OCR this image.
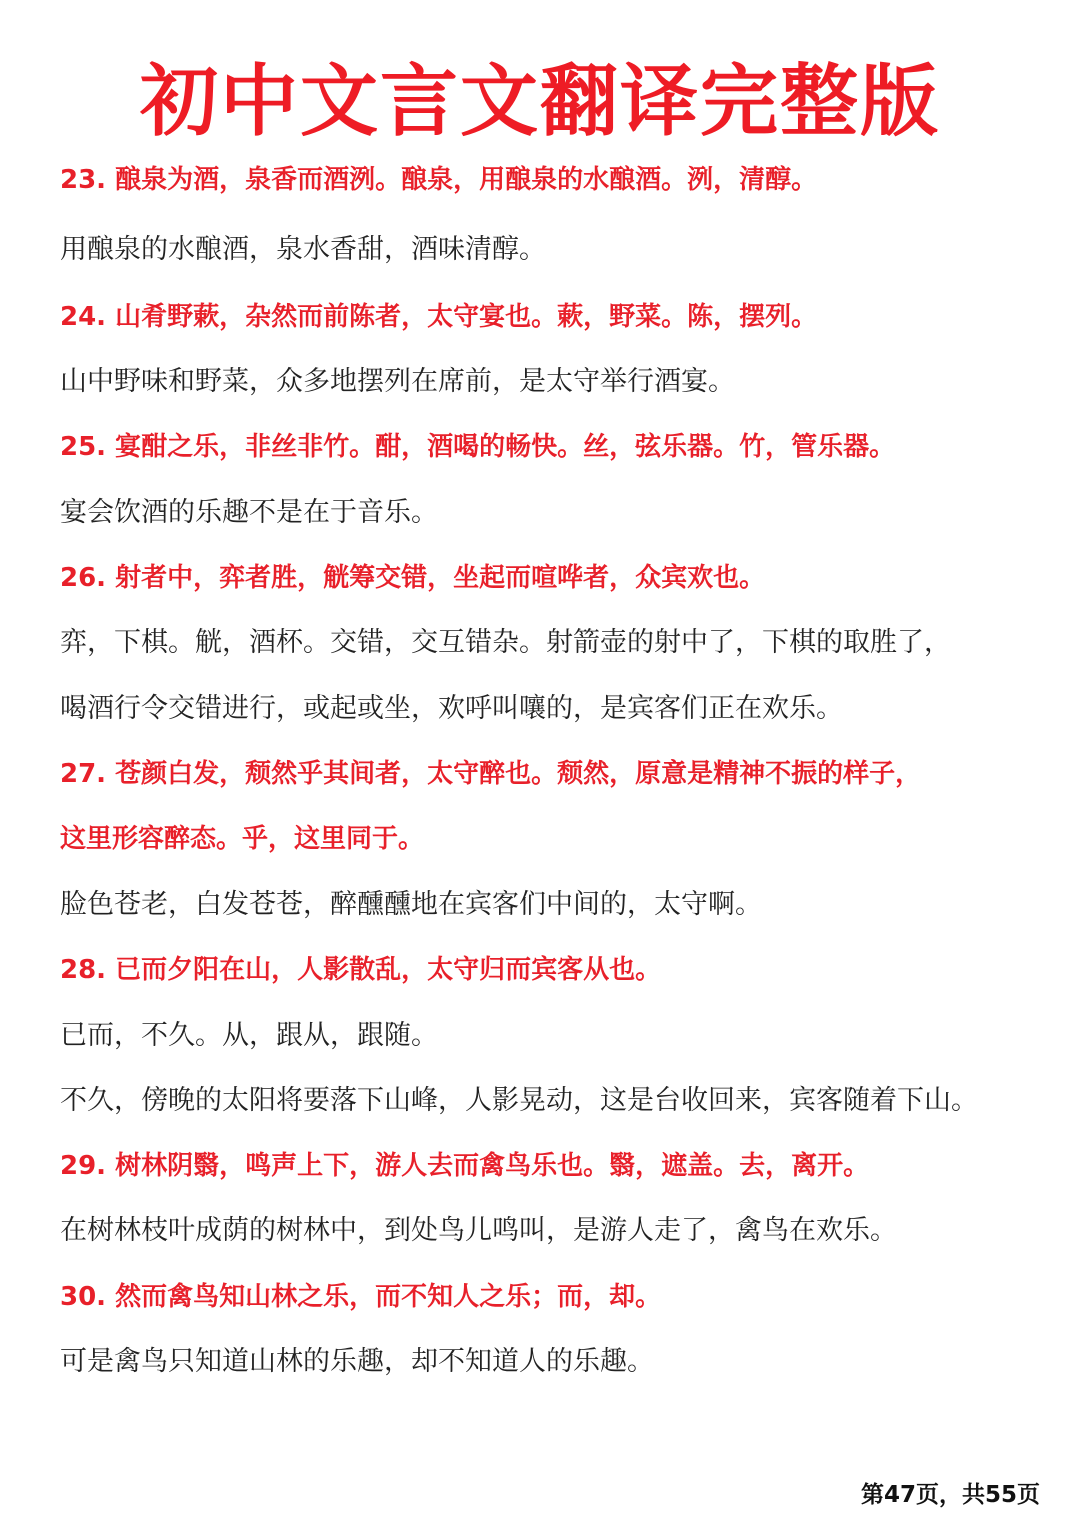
初中文言文翻译完整版
23. 酿泉为酒，泉香而酒洌。酿泉，用酿泉的水酿酒。洌，清醇。
用酿泉的水酿酒，泉水香甜，酒味清醇。
24. 山肴野蔌，杂然而前陈者，太守宴也。蔌，野菜。陈，摆列。
山中野味和野菜，众多地摆列在席前，是太守举行酒宴。
25. 宴酣之乐，非丝非竹。酣，酒喝的畅快。丝，弦乐器。竹，管乐器。
宴会饮酒的乐趣不是在于音乐。
26. 射者中，弈者胜，觥筹交错，坐起而喧哗者，众宾欢也。
弈，下棋。觥，酒杯。交错，交互错杂。射箭壶的射中了，下棋的取胜了，
喝酒行令交错进行，或起或坐，欢呼叫嚷的，是宾客们正在欢乐。
27. 苍颜白发，颓然乎其间者，太守醉也。颓然，原意是精神不振的样子，
这里形容醉态。乎，这里同于。
脸色苍老，白发苍苍，醉醺醺地在宾客们中间的，太守啊。
28. 已而夕阳在山，人影散乱，太守归而宾客从也。
已而，不久。从，跟从，跟随。
不久，傍晚的太阳将要落下山峰，人影晃动，这是台收回来，宾客随着下山。
29. 树林阴翳，鸣声上下，游人去而禽鸟乐也。翳，遮盖。去，离开。
在树林枝叶成荫的树林中，到处鸟儿鸣叫，是游人走了，禽鸟在欢乐。
30. 然而禽鸟知山林之乐，而不知人之乐；而，却。
可是禽鸟只知道山林的乐趣，却不知道人的乐趣。
第47页，共55页
